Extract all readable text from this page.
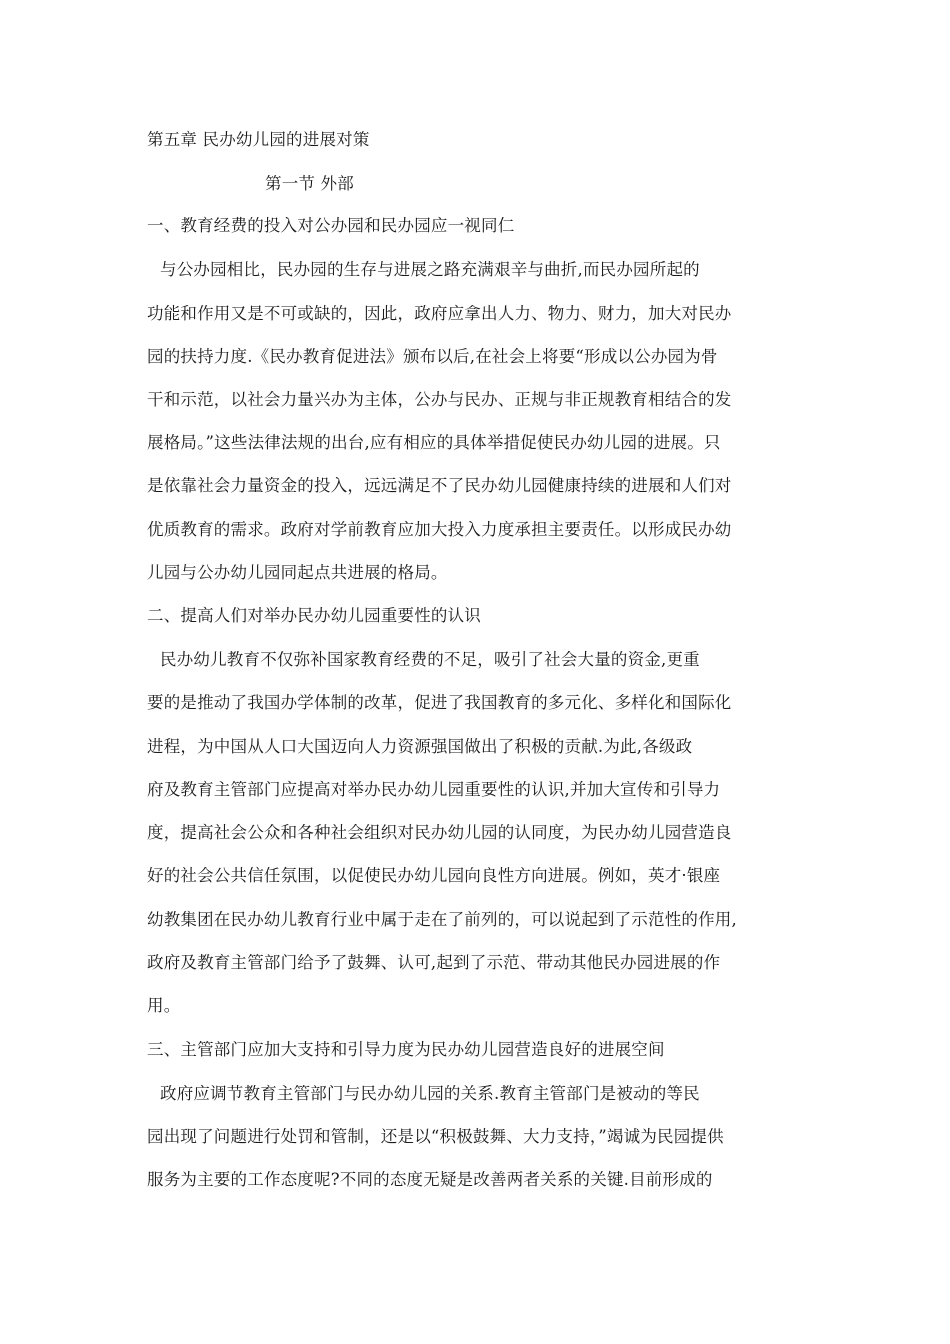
第五章 民办幼儿园的进展对策
第一节 外部
一、教育经费的投入对公办园和民办园应一视同仁
与公办园相比，民办园的生存与进展之路充满艰辛与曲折,而民办园所起的
功能和作用又是不可或缺的，因此，政府应拿出人力、物力、财力，加大对民办
园的扶持力度.《民办教育促进法》颁布以后,在社会上将要“形成以公办园为骨
干和示范，以社会力量兴办为主体，公办与民办、正规与非正规教育相结合的发
展格局。”这些法律法规的出台,应有相应的具体举措促使民办幼儿园的进展。只
是依靠社会力量资金的投入，远远满足不了民办幼儿园健康持续的进展和人们对
优质教育的需求。政府对学前教育应加大投入力度承担主要责任。以形成民办幼
儿园与公办幼儿园同起点共进展的格局。
二、提高人们对举办民办幼儿园重要性的认识
民办幼儿教育不仅弥补国家教育经费的不足，吸引了社会大量的资金,更重
要的是推动了我国办学体制的改革，促进了我国教育的多元化、多样化和国际化
进程，为中国从人口大国迈向人力资源强国做出了积极的贡献.为此,各级政
府及教育主管部门应提高对举办民办幼儿园重要性的认识,并加大宣传和引导力
度，提高社会公众和各种社会组织对民办幼儿园的认同度，为民办幼儿园营造良
好的社会公共信任氛围，以促使民办幼儿园向良性方向进展。例如，英才·银座
幼教集团在民办幼儿教育行业中属于走在了前列的，可以说起到了示范性的作用,
政府及教育主管部门给予了鼓舞、认可,起到了示范、带动其他民办园进展的作
用。
三、主管部门应加大支持和引导力度为民办幼儿园营造良好的进展空间
政府应调节教育主管部门与民办幼儿园的关系.教育主管部门是被动的等民
园出现了问题进行处罚和管制，还是以“积极鼓舞、大力支持，”竭诚为民园提供
服务为主要的工作态度呢?不同的态度无疑是改善两者关系的关键.目前形成的
